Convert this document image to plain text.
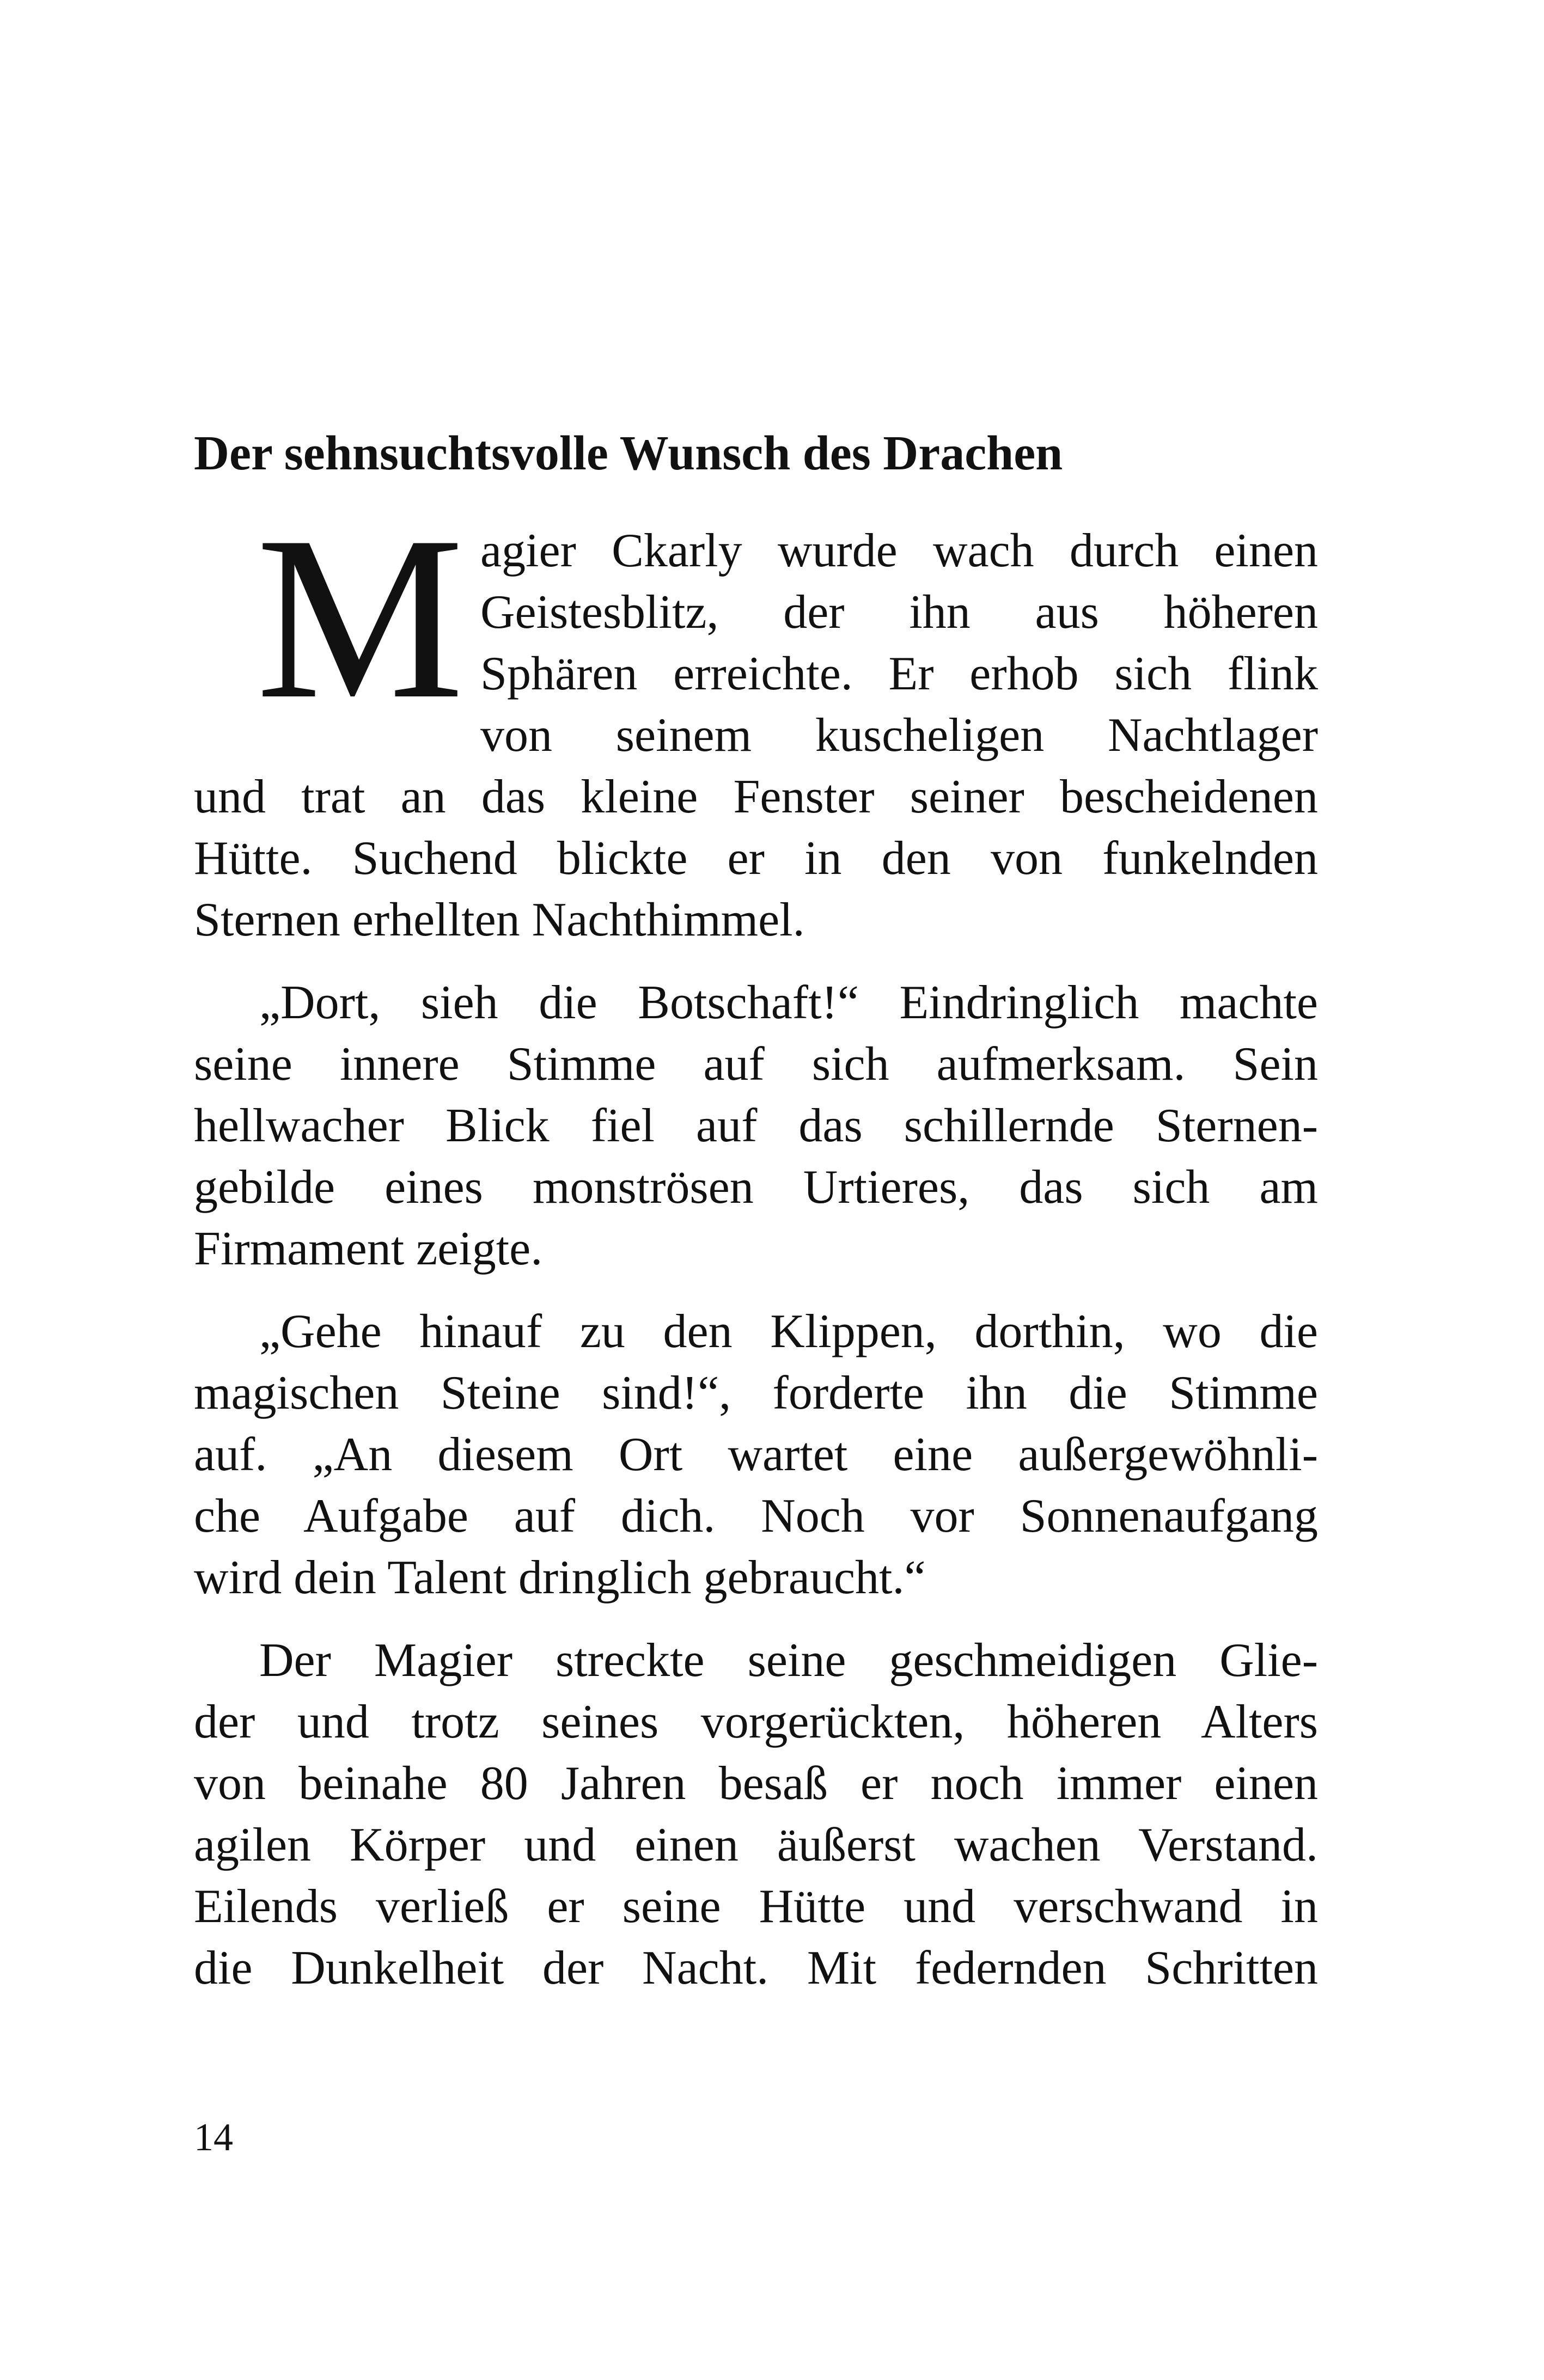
Der sehnsuchtsvolle Wunsch des Drachen
M agier Ckarly wurde wach durch einen
Geistesblitz, der ihn aus höheren
Sphären erreichte. Er erhob sich flink
von seinem kuscheligen Nachtlager
und trat an das kleine Fenster seiner bescheidenen
Hütte. Suchend blickte er in den von funkelnden
Sternen erhellten Nachthimmel.
„Dort, sieh die Botschaft!“ Eindringlich machte
seine innere Stimme auf sich aufmerksam. Sein
hellwacher Blick fiel auf das schillernde Sternen-
gebilde eines monströsen Urtieres, das sich am
Firmament zeigte.
„Gehe hinauf zu den Klippen, dorthin, wo die
magischen Steine sind!“, forderte ihn die Stimme
auf. „An diesem Ort wartet eine außergewöhnli-
che Aufgabe auf dich. Noch vor Sonnenaufgang
wird dein Talent dringlich gebraucht.“
Der Magier streckte seine geschmeidigen Glie-
der und trotz seines vorgerückten, höheren Alters
von beinahe 80 Jahren besaß er noch immer einen
agilen Körper und einen äußerst wachen Verstand.
Eilends verließ er seine Hütte und verschwand in
die Dunkelheit der Nacht. Mit federnden Schritten
14
